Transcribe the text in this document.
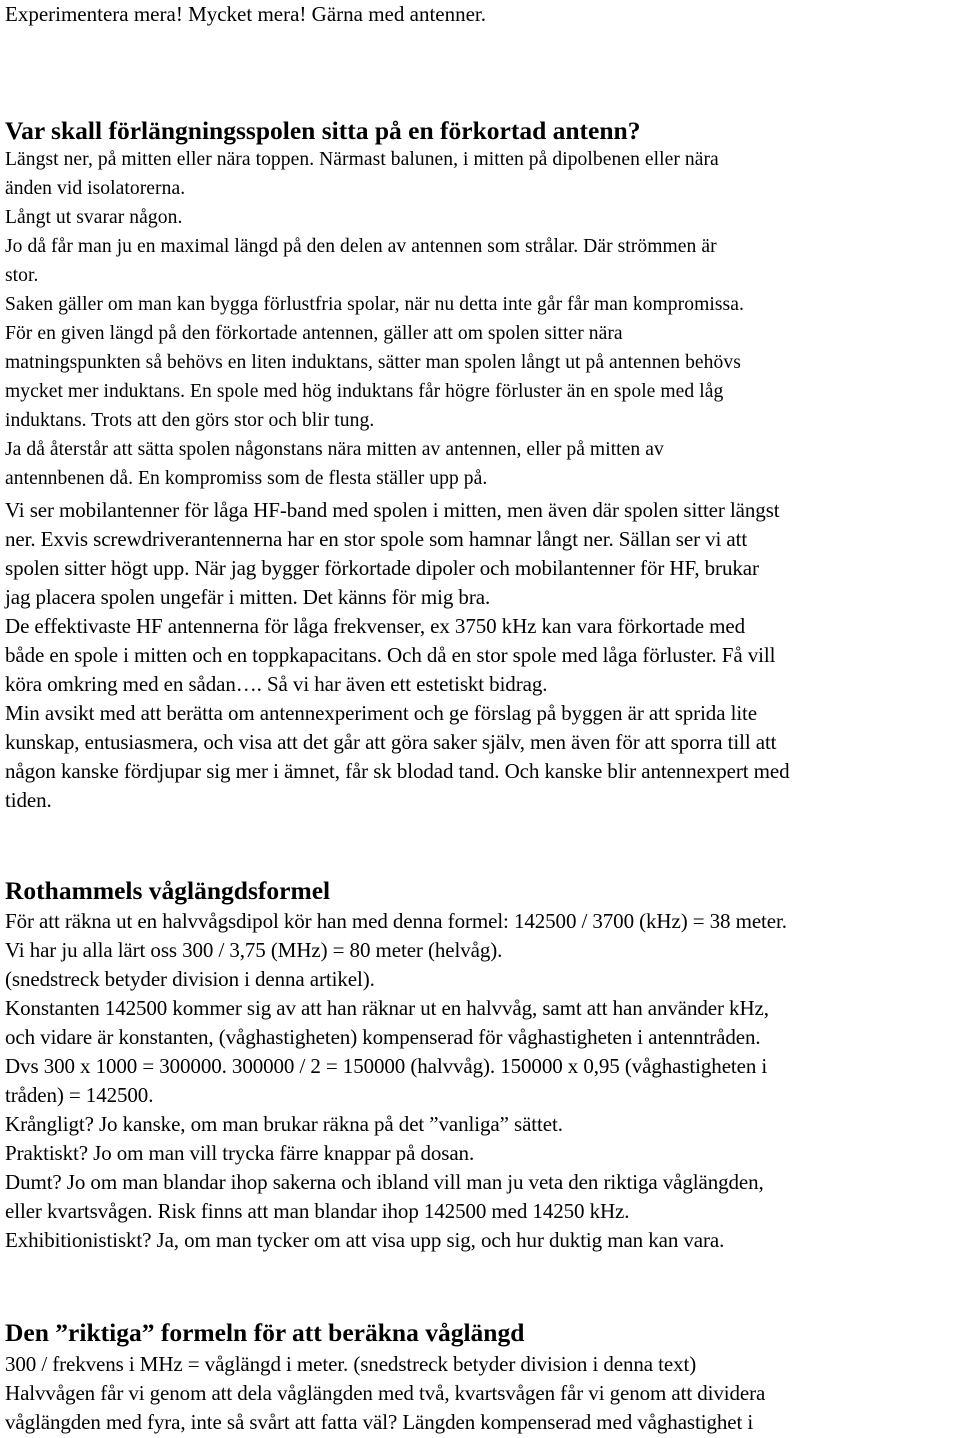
Experimentera mera! Mycket mera! Gärna med antenner.

Var skall förlängningsspolen sitta på en förkortad antenn?

Längst ner, på mitten eller nära toppen. Närmast balunen, i mitten på dipolbenen eller nära

änden vid isolatorerna.

Långt ut svarar någon.

Jo då får man ju en maximal längd på den delen av antennen som strålar. Där strömmen är

stor.

Saken gäller om man kan bygga förlustfria spolar, när nu detta inte går får man kompromissa.

För en given längd på den förkortade antennen, gäller att om spolen sitter nära

matningspunkten så behövs en liten induktans, sätter man spolen långt ut på antennen behövs

mycket mer induktans. En spole med hög induktans får högre förluster än en spole med låg

induktans. Trots att den görs stor och blir tung.

Ja då återstår att sätta spolen någonstans nära mitten av antennen, eller på mitten av

antennbenen då. En kompromiss som de flesta ställer upp på.

Vi ser mobilantenner för låga HF-band med spolen i mitten, men även där spolen sitter längst

ner. Exvis screwdriverantennerna har en stor spole som hamnar långt ner. Sällan ser vi att

spolen sitter högt upp. När jag bygger förkortade dipoler och mobilantenner för HF, brukar

jag placera spolen ungefär i mitten. Det känns för mig bra.

De effektivaste HF antennerna för låga frekvenser, ex 3750 kHz kan vara förkortade med

både en spole i mitten och en toppkapacitans. Och då en stor spole med låga förluster. Få vill

köra omkring med en sådan…. Så vi har även ett estetiskt bidrag.

Min avsikt med att berätta om antennexperiment och ge förslag på byggen är att sprida lite

kunskap, entusiasmera, och visa att det går att göra saker själv, men även för att sporra till att

någon kanske fördjupar sig mer i ämnet, får sk blodad tand. Och kanske blir antennexpert med

tiden.

Rothammels våglängdsformel

För att räkna ut en halvvågsdipol kör han med denna formel: 142500 / 3700 (kHz) = 38 meter.

Vi har ju alla lärt oss 300 / 3,75 (MHz) = 80 meter (helvåg).

(snedstreck betyder division i denna artikel).

Konstanten 142500 kommer sig av att han räknar ut en halvvåg, samt att han använder kHz,

och vidare är konstanten, (våghastigheten) kompenserad för våghastigheten i antenntråden.

Dvs 300 x 1000 = 300000. 300000 / 2 = 150000 (halvvåg). 150000 x 0,95 (våghastigheten i

tråden) = 142500.

Krångligt? Jo kanske, om man brukar räkna på det ”vanliga” sättet.

Praktiskt? Jo om man vill trycka färre knappar på dosan.

Dumt? Jo om man blandar ihop sakerna och ibland vill man ju veta den riktiga våglängden,

eller kvartsvågen. Risk finns att man blandar ihop 142500 med 14250 kHz.

Exhibitionistiskt? Ja, om man tycker om att visa upp sig, och hur duktig man kan vara.

Den ”riktiga” formeln för att beräkna våglängd

300 / frekvens i MHz = våglängd i meter. (snedstreck betyder division i denna text)

Halvvågen får vi genom att dela våglängden med två, kvartsvågen får vi genom att dividera

våglängden med fyra, inte så svårt att fatta väl? Längden kompenserad med våghastighet i
